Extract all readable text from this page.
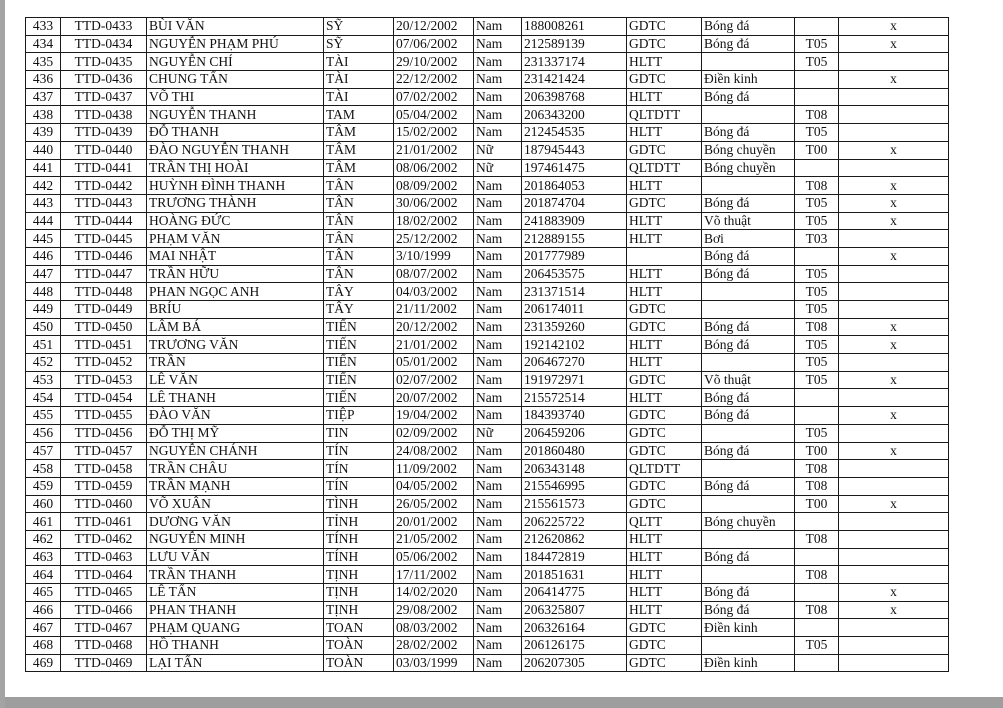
433	TTD-0433	BÙI VĂN	SỸ	20/12/2002	Nam	188008261	GDTC	Bóng đá		x
434	TTD-0434	NGUYỄN PHẠM PHÚ	SỸ	07/06/2002	Nam	212589139	GDTC	Bóng đá	T05	x
435	TTD-0435	NGUYỄN CHÍ	TÀI	29/10/2002	Nam	231337174	HLTT		T05	
436	TTD-0436	CHUNG TẤN	TÀI	22/12/2002	Nam	231421424	GDTC	Điền kinh		x
437	TTD-0437	VÕ THI	TÀI	07/02/2002	Nam	206398768	HLTT	Bóng đá		
438	TTD-0438	NGUYỄN THANH	TAM	05/04/2002	Nam	206343200	QLTDTT		T08	
439	TTD-0439	ĐỖ THANH	TÂM	15/02/2002	Nam	212454535	HLTT	Bóng đá	T05	
440	TTD-0440	ĐÀO NGUYỄN THANH	TÂM	21/01/2002	Nữ	187945443	GDTC	Bóng chuyền	T00	x
441	TTD-0441	TRẦN THỊ HOÀI	TÂM	08/06/2002	Nữ	197461475	QLTDTT	Bóng chuyền		
442	TTD-0442	HUỲNH ĐÌNH THANH	TÂN	08/09/2002	Nam	201864053	HLTT		T08	x
443	TTD-0443	TRƯƠNG THÀNH	TÂN	30/06/2002	Nam	201874704	GDTC	Bóng đá	T05	x
444	TTD-0444	HOÀNG ĐỨC	TÂN	18/02/2002	Nam	241883909	HLTT	Võ thuật	T05	x
445	TTD-0445	PHẠM VĂN	TÂN	25/12/2002	Nam	212889155	HLTT	Bơi	T03	
446	TTD-0446	MAI NHẬT	TÂN	3/10/1999	Nam	201777989		Bóng đá		x
447	TTD-0447	TRẦN HỮU	TÂN	08/07/2002	Nam	206453575	HLTT	Bóng đá	T05	
448	TTD-0448	PHAN NGỌC ANH	TÂY	04/03/2002	Nam	231371514	HLTT		T05	
449	TTD-0449	BRÍU	TÂY	21/11/2002	Nam	206174011	GDTC		T05	
450	TTD-0450	LÂM BÁ	TIẾN	20/12/2002	Nam	231359260	GDTC	Bóng đá	T08	x
451	TTD-0451	TRƯƠNG VĂN	TIẾN	21/01/2002	Nam	192142102	HLTT	Bóng đá	T05	x
452	TTD-0452	TRẦN	TIẾN	05/01/2002	Nam	206467270	HLTT		T05	
453	TTD-0453	LÊ VĂN	TIẾN	02/07/2002	Nam	191972971	GDTC	Võ thuật	T05	x
454	TTD-0454	LÊ THANH	TIẾN	20/07/2002	Nam	215572514	HLTT	Bóng đá		
455	TTD-0455	ĐÀO VĂN	TIỆP	19/04/2002	Nam	184393740	GDTC	Bóng đá		x
456	TTD-0456	ĐỖ THỊ MỸ	TIN	02/09/2002	Nữ	206459206	GDTC		T05	
457	TTD-0457	NGUYỄN CHÁNH	TÍN	24/08/2002	Nam	201860480	GDTC	Bóng đá	T00	x
458	TTD-0458	TRẦN CHÂU	TÍN	11/09/2002	Nam	206343148	QLTDTT		T08	
459	TTD-0459	TRẦN MẠNH	TÍN	04/05/2002	Nam	215546995	GDTC	Bóng đá	T08	
460	TTD-0460	VÕ XUÂN	TÌNH	26/05/2002	Nam	215561573	GDTC		T00	x
461	TTD-0461	DƯƠNG VĂN	TỈNH	20/01/2002	Nam	206225722	QLTT	Bóng chuyền		
462	TTD-0462	NGUYỄN MINH	TÍNH	21/05/2002	Nam	212620862	HLTT		T08	
463	TTD-0463	LƯU VĂN	TÍNH	05/06/2002	Nam	184472819	HLTT	Bóng đá		
464	TTD-0464	TRẦN THANH	TỊNH	17/11/2002	Nam	201851631	HLTT		T08	
465	TTD-0465	LÊ TẤN	TỊNH	14/02/2020	Nam	206414775	HLTT	Bóng đá		x
466	TTD-0466	PHAN THANH	TỊNH	29/08/2002	Nam	206325807	HLTT	Bóng đá	T08	x
467	TTD-0467	PHẠM QUANG	TOAN	08/03/2002	Nam	206326164	GDTC	Điền kinh		
468	TTD-0468	HỒ THANH	TOÀN	28/02/2002	Nam	206126175	GDTC		T05	
469	TTD-0469	LẠI TẤN	TOÀN	03/03/1999	Nam	206207305	GDTC	Điền kinh		
